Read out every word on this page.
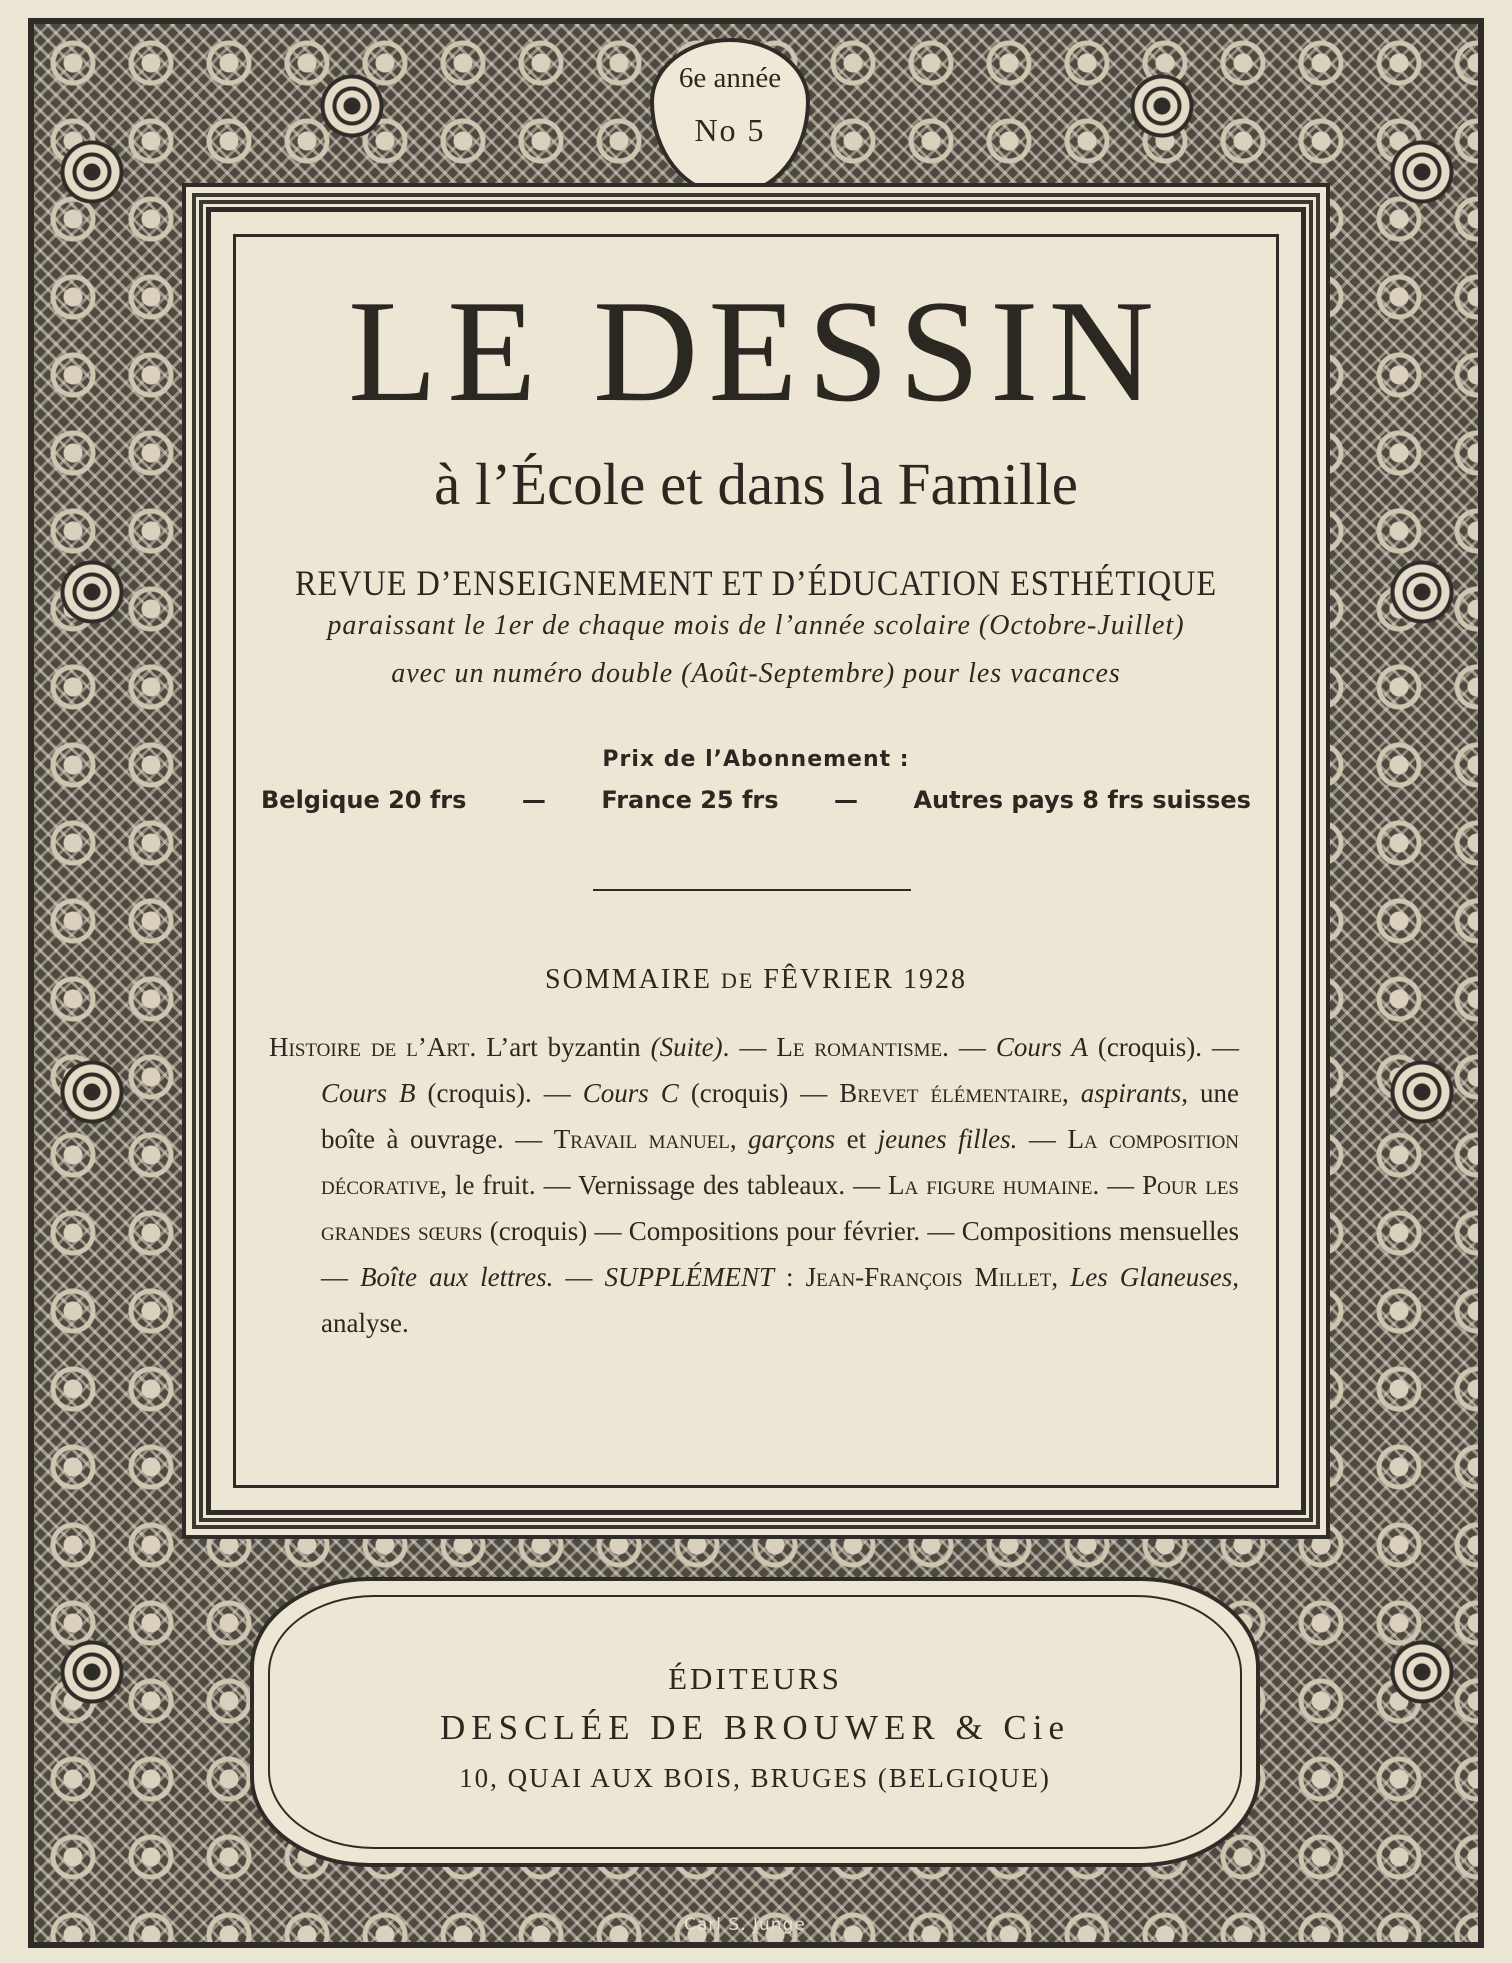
6e année
No 5
LE DESSIN
à l’École et dans la Famille
REVUE D’ENSEIGNEMENT ET D’ÉDUCATION ESTHÉTIQUE
paraissant le 1er de chaque mois de l’année scolaire (Octobre-Juillet)
avec un numéro double (Août-Septembre) pour les vacances
Prix de l’Abonnement :
Belgique 20 frs — France 25 frs — Autres pays 8 frs suisses
SOMMAIRE DE FÊVRIER 1928
Histoire de l’Art. L’art byzantin (Suite). — Le romantisme. — Cours A (croquis). — Cours B (croquis). — Cours C (croquis) — Brevet élémentaire, aspirants, une boîte à ouvrage. — Travail manuel, garçons et jeunes filles. — La composition décorative, le fruit. — Vernissage des tableaux. — La figure humaine. — Pour les grandes sœurs (croquis) — Compositions pour février. — Compositions mensuelles — Boîte aux lettres. — SUPPLÉMENT : Jean-François Millet, Les Glaneuses, analyse.
ÉDITEURS
DESCLÉE DE BROUWER & Cie
10, QUAI AUX BOIS, BRUGES (BELGIQUE)
Carl S. Junge
